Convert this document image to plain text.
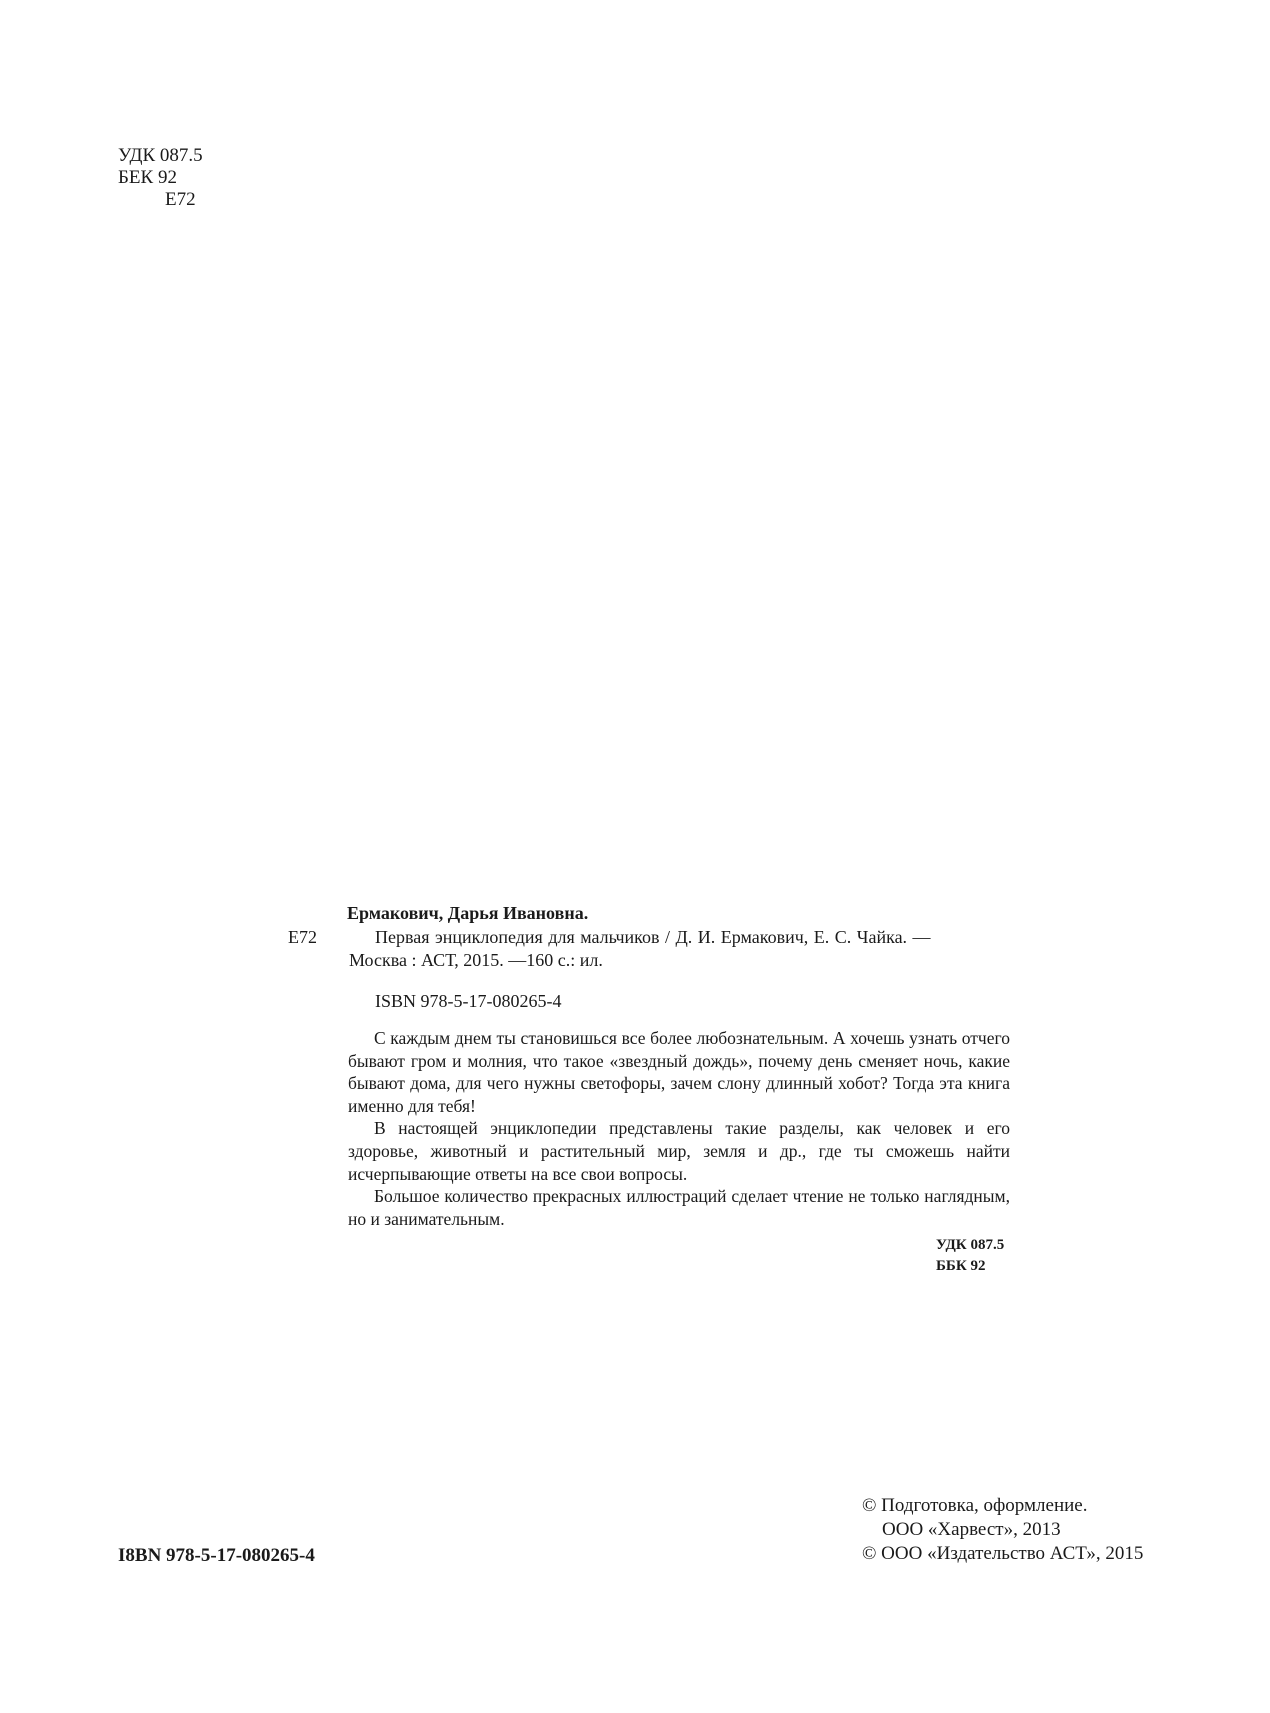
УДК 087.5
БЕК 92
Е72
Ермакович, Дарья Ивановна.
Е72	Первая энциклопедия для мальчиков / Д. И. Ермакович, Е. С. Чайка. —
Москва : АСТ, 2015. —160 с.: ил.
ISBN 978-5-17-080265-4

С каждым днем ты становишься все более любознательным. А хочешь узнать отчего бывают гром и молния, что такое «звездный дождь», почему день сменяет ночь, какие бывают дома, для чего нужны светофоры, зачем слону длинный хобот? Тогда эта книга именно для тебя!

В настоящей энциклопедии представлены такие разделы, как человек и его здоровье, животный и растительный мир, земля и др., где ты сможешь найти исчерпывающие ответы на все свои вопросы.

Большое количество прекрасных иллюстраций сделает чтение не только наглядным, но и занимательным.

УДК 087.5
ББК 92
I8BN 978-5-17-080265-4
© Подготовка, оформление.
ООО «Харвест», 2013
© ООО «Издательство АСТ», 2015
